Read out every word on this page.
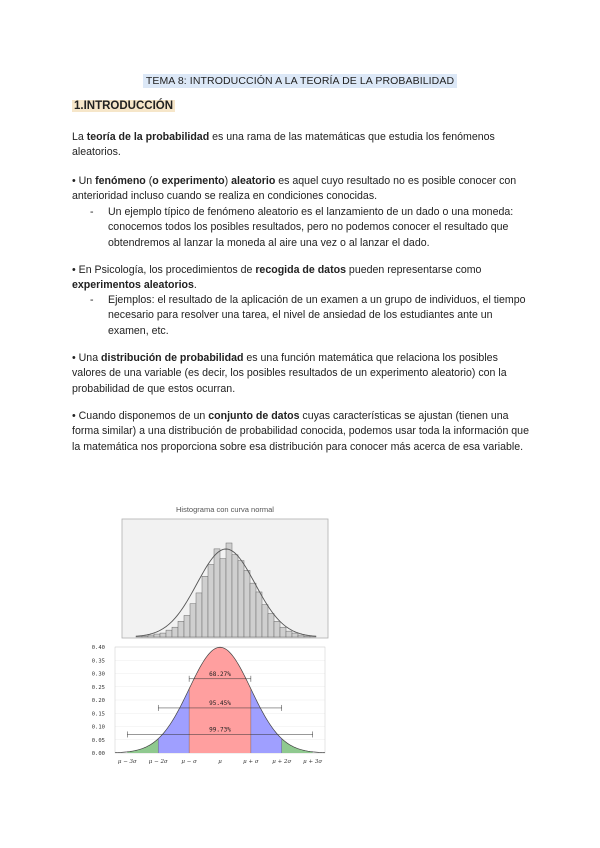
TEMA 8: INTRODUCCIÓN A LA TEORÍA DE LA PROBABILIDAD
1.INTRODUCCIÓN
La teoría de la probabilidad es una rama de las matemáticas que estudia los fenómenos aleatorios.
• Un fenómeno (o experimento) aleatorio es aquel cuyo resultado no es posible conocer con anterioridad incluso cuando se realiza en condiciones conocidas.
- Un ejemplo típico de fenómeno aleatorio es el lanzamiento de un dado o una moneda: conocemos todos los posibles resultados, pero no podemos conocer el resultado que obtendremos al lanzar la moneda al aire una vez o al lanzar el dado.
• En Psicología, los procedimientos de recogida de datos pueden representarse como experimentos aleatorios.
- Ejemplos: el resultado de la aplicación de un examen a un grupo de individuos, el tiempo necesario para resolver una tarea, el nivel de ansiedad de los estudiantes ante un examen, etc.
• Una distribución de probabilidad es una función matemática que relaciona los posibles valores de una variable (es decir, los posibles resultados de un experimento aleatorio) con la probabilidad de que estos ocurran.
• Cuando disponemos de un conjunto de datos cuyas características se ajustan (tienen una forma similar) a una distribución de probabilidad conocida, podemos usar toda la información que la matemática nos proporciona sobre esa distribución para conocer más acerca de esa variable.
Histograma con curva normal
0.40
0.35
0.30
0.25
0.20
0.15
0.10
0.05
0.00
μ − 3σ μ − 2σ μ − σ	μ	μ + σ μ + 2σ μ + 3σ
68.27%
95.45%
99.73%
